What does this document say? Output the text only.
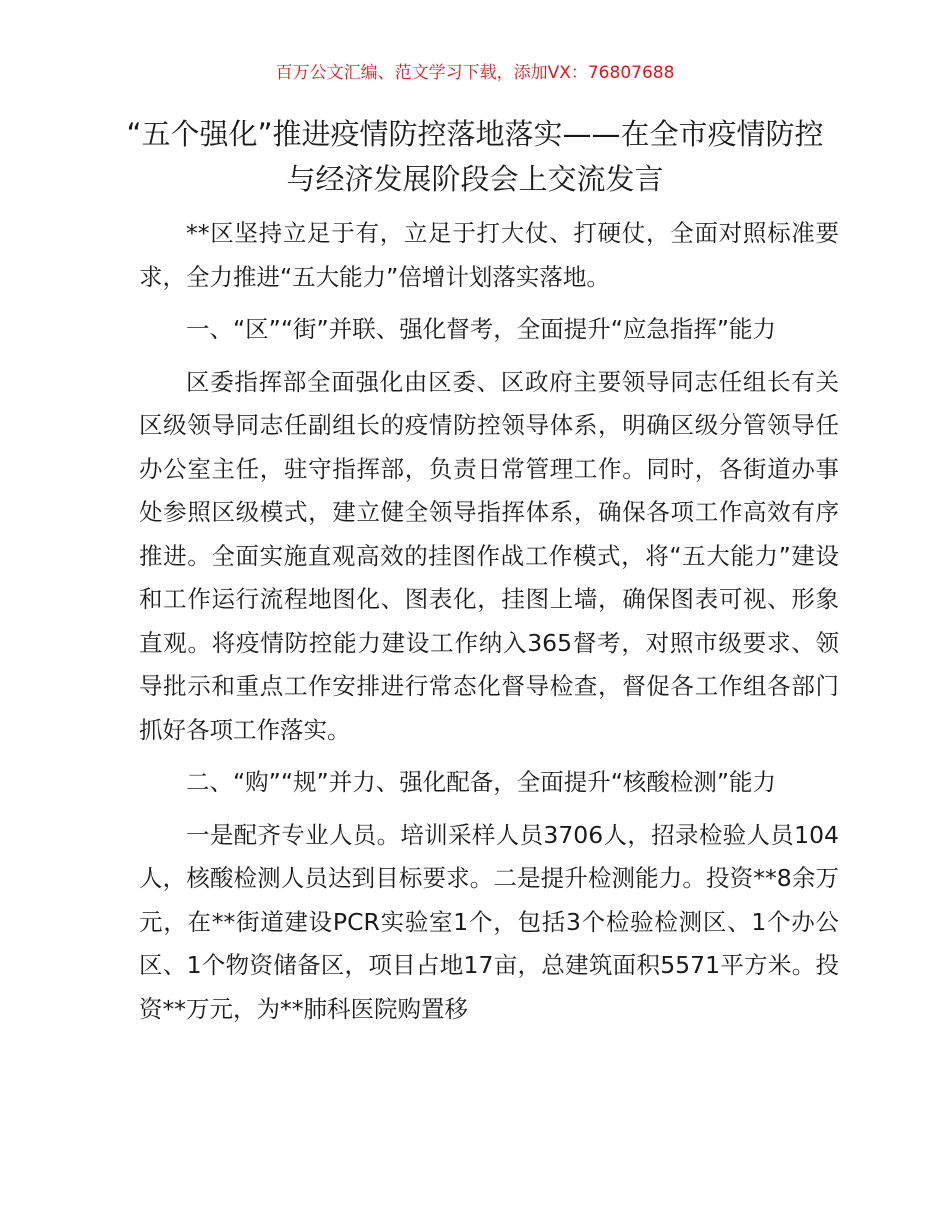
百万公文汇编、范文学习下载，添加VX：76807688
“五个强化”推进疫情防控落地落实——在全市疫情防控与经济发展阶段会上交流发言

**区坚持立足于有，立足于打大仗、打硬仗，全面对照标准要求，全力推进“五大能力”倍增计划落实落地。

一、“区”“街”并联、强化督考，全面提升“应急指挥”能力

区委指挥部全面强化由区委、区政府主要领导同志任组长有关区级领导同志任副组长的疫情防控领导体系，明确区级分管领导任办公室主任，驻守指挥部，负责日常管理工作。同时，各街道办事处参照区级模式，建立健全领导指挥体系，确保各项工作高效有序推进。全面实施直观高效的挂图作战工作模式，将“五大能力”建设和工作运行流程地图化、图表化，挂图上墙，确保图表可视、形象直观。将疫情防控能力建设工作纳入365督考，对照市级要求、领导批示和重点工作安排进行常态化督导检查，督促各工作组各部门抓好各项工作落实。

二、“购”“规”并力、强化配备，全面提升“核酸检测”能力

一是配齐专业人员。培训采样人员3706人，招录检验人员104人，核酸检测人员达到目标要求。二是提升检测能力。投资**8余万元，在**街道建设PCR实验室1个，包括3个检验检测区、1个办公区、1个物资储备区，项目占地17亩，总建筑面积5571平方米。投资**万元，为**肺科医院购置移
